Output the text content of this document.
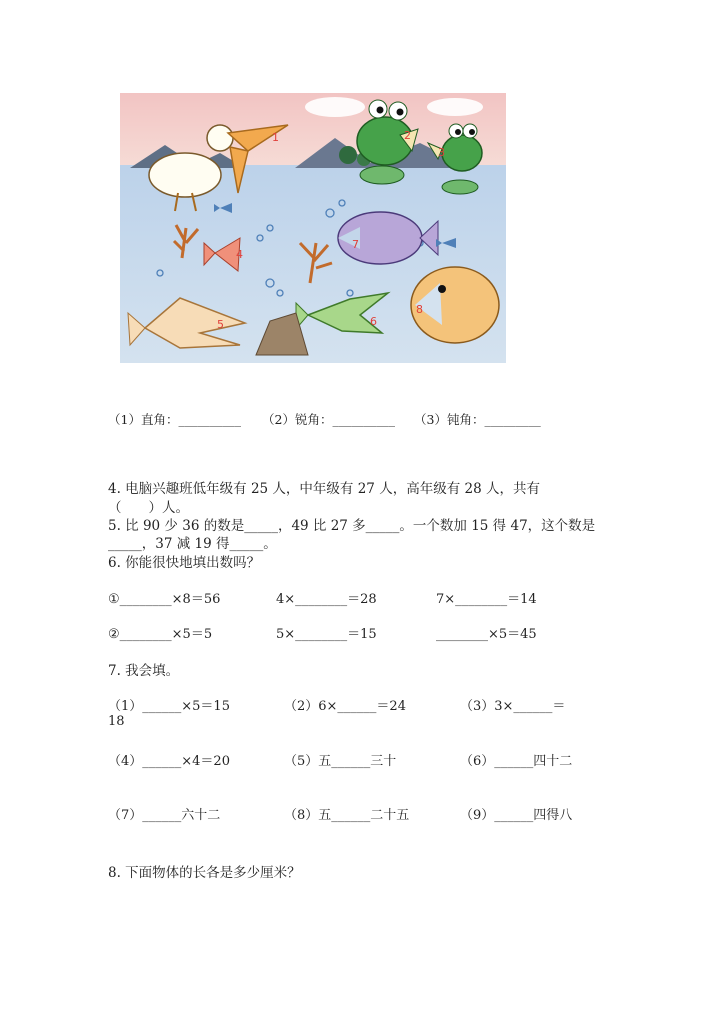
1	2
3
4
5	6
7
8
（1）直角：__________ （2）锐角：__________ （3）钝角：_________
4. 电脑兴趣班低年级有 25 人，中年级有 27 人，高年级有 28 人，共有
（　　）人。
5. 比 90 少 36 的数是_____，49 比 27 多_____。一个数加 15 得 47，这个数是
_____，37 减 19 得_____。
6. 你能很快地填出数吗？
①________×8＝56	4×________＝28	7×________＝14
②________×5＝5	5×________＝15	________×5＝45
7. 我会填。
（1）______×5＝15	（2）6×______＝24	（3）3×______＝
18
（4）______×4＝20	（5）五______三十	（6）______四十二
（7）______六十二	（8）五______二十五	（9）______四得八
8. 下面物体的长各是多少厘米？
